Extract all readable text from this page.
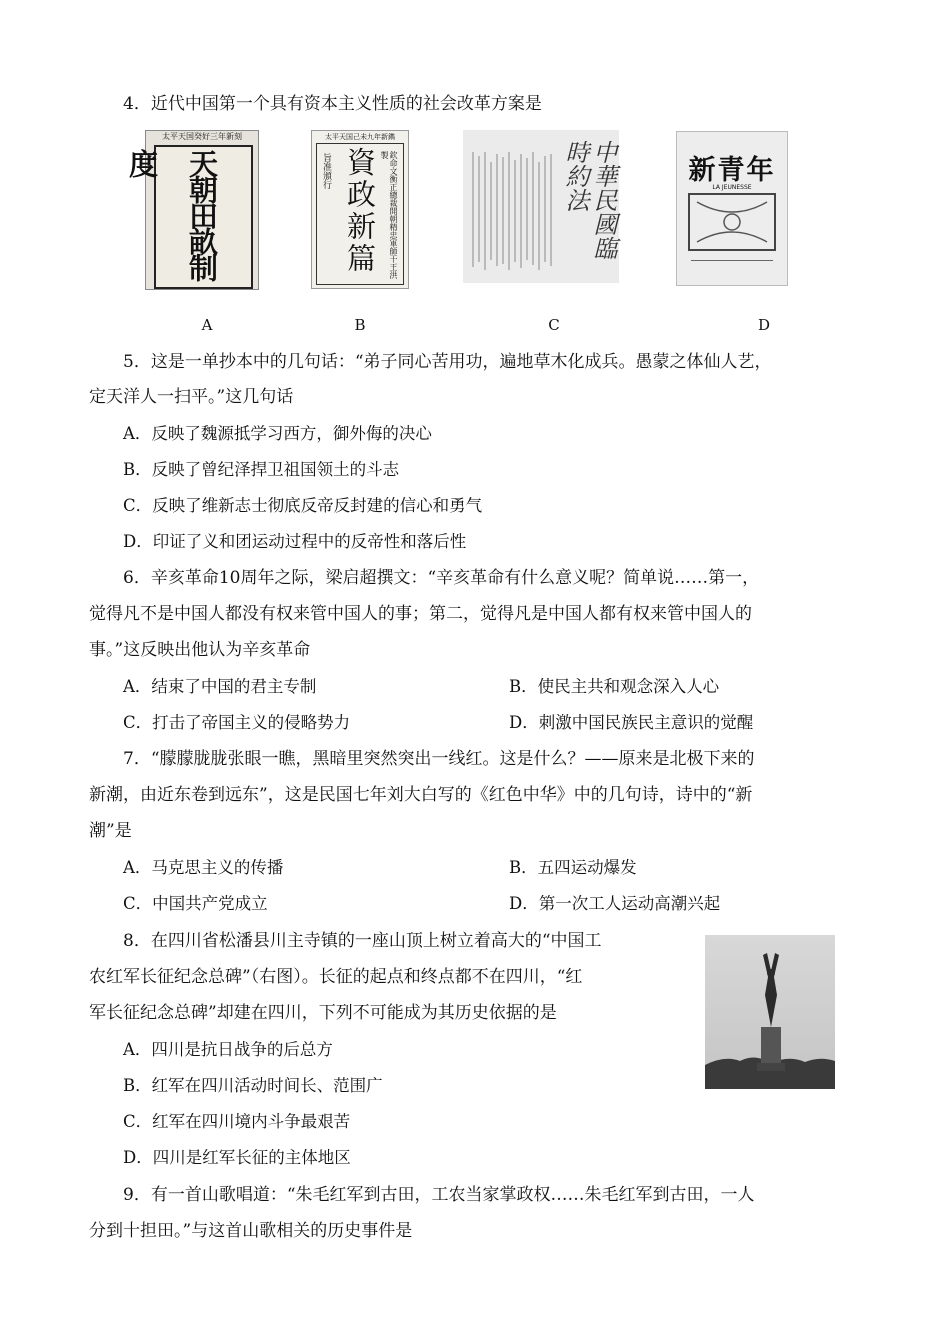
4．近代中国第一个具有资本主义性质的社会改革方案是
太平天国癸好三年新刻
天朝田畝制度
太平天国己未九年新鐫
旨准頒行 資政新篇	欽命文衡正總裁開朝精忠軍師干王洪 製	中華民國臨時約法	新青年
LA JEUNESSE
A	B	C	D
5．这是一单抄本中的几句话：“弟子同心苦用功，遍地草木化成兵。愚蒙之体仙人艺，
定天洋人一扫平。”这几句话
A．反映了魏源抵学习西方，御外侮的决心
B．反映了曾纪泽捍卫祖国领土的斗志
C．反映了维新志士彻底反帝反封建的信心和勇气
D．印证了义和团运动过程中的反帝性和落后性
6．辛亥革命10周年之际，梁启超撰文：“辛亥革命有什么意义呢？简单说……第一，
觉得凡不是中国人都没有权来管中国人的事；第二，觉得凡是中国人都有权来管中国人的
事。”这反映出他认为辛亥革命
A．结束了中国的君主专制	B．使民主共和观念深入人心
C．打击了帝国主义的侵略势力	D．刺激中国民族民主意识的觉醒
7．“朦朦胧胧张眼一瞧，黑暗里突然突出一线红。这是什么？——原来是北极下来的
新潮，由近东卷到远东”，这是民国七年刘大白写的《红色中华》中的几句诗，诗中的“新
潮”是
A．马克思主义的传播	B．五四运动爆发
C．中国共产党成立	D．第一次工人运动高潮兴起
8．在四川省松潘县川主寺镇的一座山顶上树立着高大的“中国工
农红军长征纪念总碑”（右图）。长征的起点和终点都不在四川，“红
军长征纪念总碑”却建在四川，下列不可能成为其历史依据的是
A．四川是抗日战争的后总方
B．红军在四川活动时间长、范围广
C．红军在四川境内斗争最艰苦
D．四川是红军长征的主体地区
9．有一首山歌唱道：“朱毛红军到古田，工农当家掌政权……朱毛红军到古田，一人
分到十担田。”与这首山歌相关的历史事件是
